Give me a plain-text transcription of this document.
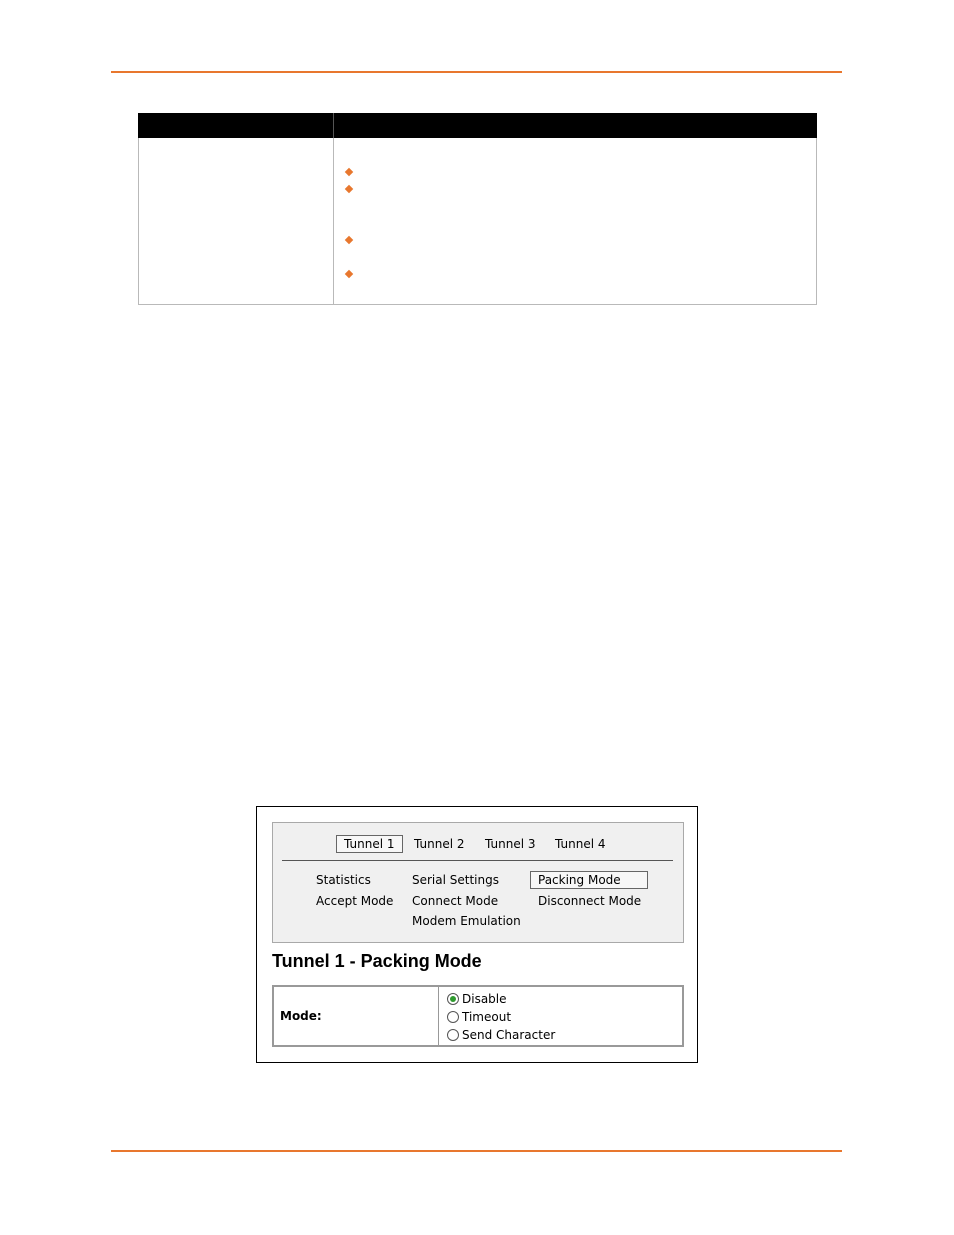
Tunnel 1	Tunnel 2 Tunnel 3 Tunnel 4
Statistics
Accept Mode
Serial Settings
Connect Mode
Modem Emulation
Packing Mode
Disconnect Mode
Tunnel 1 - Packing Mode
Mode:
Disable
Timeout
Send Character
